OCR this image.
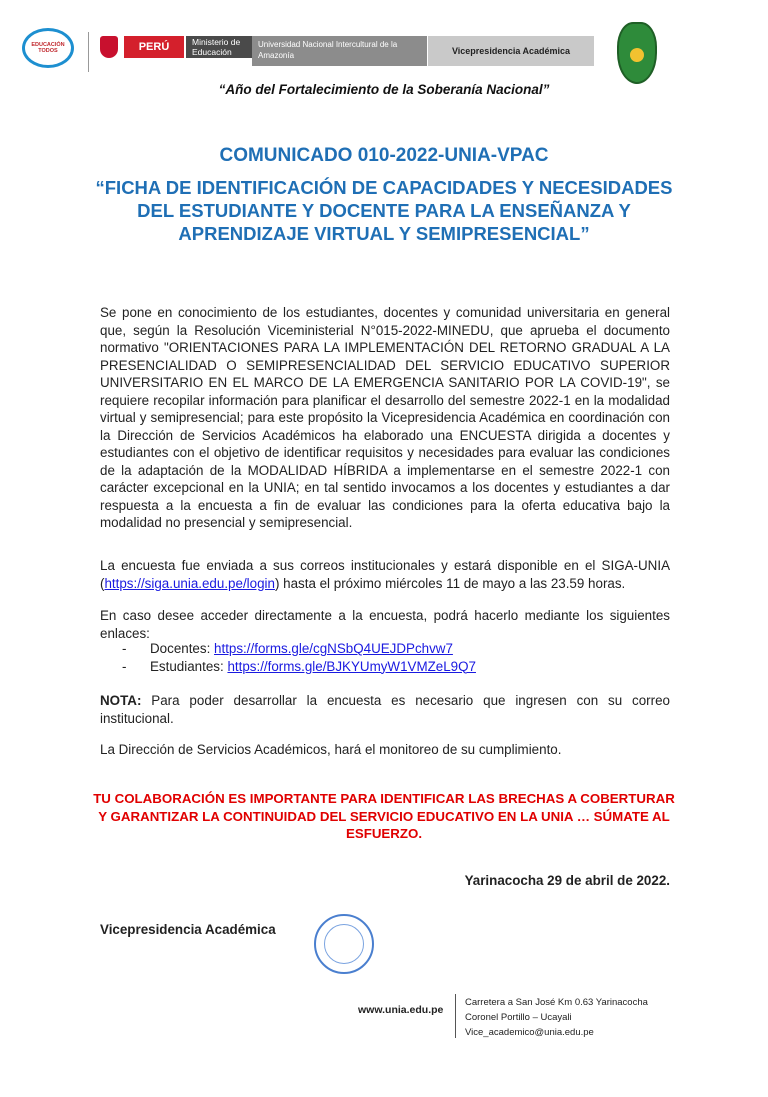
EDUCACIÓN TODOS	PERÚ	Ministerio de Educación
Universidad Nacional Intercultural de la Amazonía	Vicepresidencia Académica
“Año del Fortalecimiento de la Soberanía Nacional”
COMUNICADO 010-2022-UNIA-VPAC
“FICHA DE IDENTIFICACIÓN DE CAPACIDADES Y NECESIDADES DEL ESTUDIANTE Y DOCENTE PARA LA ENSEÑANZA Y APRENDIZAJE VIRTUAL Y SEMIPRESENCIAL”
Se pone en conocimiento de los estudiantes, docentes y comunidad universitaria en general que, según la Resolución Viceministerial N°015-2022-MINEDU, que aprueba el documento normativo "ORIENTACIONES PARA LA IMPLEMENTACIÓN DEL RETORNO GRADUAL A LA PRESENCIALIDAD O SEMIPRESENCIALIDAD DEL SERVICIO EDUCATIVO SUPERIOR UNIVERSITARIO EN EL MARCO DE LA EMERGENCIA SANITARIO POR LA COVID-19", se requiere recopilar información para planificar el desarrollo del semestre 2022-1 en la modalidad virtual y semipresencial; para este propósito la Vicepresidencia Académica en coordinación con la Dirección de Servicios Académicos ha elaborado una ENCUESTA dirigida a docentes y estudiantes con el objetivo de identificar requisitos y necesidades para evaluar las condiciones de la adaptación de la MODALIDAD HÍBRIDA a implementarse en el semestre 2022-1 con carácter excepcional en la UNIA; en tal sentido invocamos a los docentes y estudiantes a dar respuesta a la encuesta a fin de evaluar las condiciones para la oferta educativa bajo la modalidad no presencial y semipresencial.
La encuesta fue enviada a sus correos institucionales y estará disponible en el SIGA-UNIA (https://siga.unia.edu.pe/login) hasta el próximo miércoles 11 de mayo a las 23.59 horas.
En caso desee acceder directamente a la encuesta, podrá hacerlo mediante los siguientes enlaces:
-	Docentes:
https://forms.gle/cgNSbQ4UEJDPchvw7
-	Estudiantes:
https://forms.gle/BJKYUmyW1VMZeL9Q7
NOTA: Para poder desarrollar la encuesta es necesario que ingresen con su correo institucional.
La Dirección de Servicios Académicos, hará el monitoreo de su cumplimiento.
TU COLABORACIÓN ES IMPORTANTE PARA IDENTIFICAR LAS BRECHAS A COBERTURAR Y GARANTIZAR LA CONTINUIDAD DEL SERVICIO EDUCATIVO EN LA UNIA … SÚMATE AL ESFUERZO.
Yarinacocha 29 de abril de 2022.
Vicepresidencia Académica
www.unia.edu.pe
Carretera a San José Km 0.63 Yarinacocha
Coronel Portillo – Ucayali
Vice_academico@unia.edu.pe
